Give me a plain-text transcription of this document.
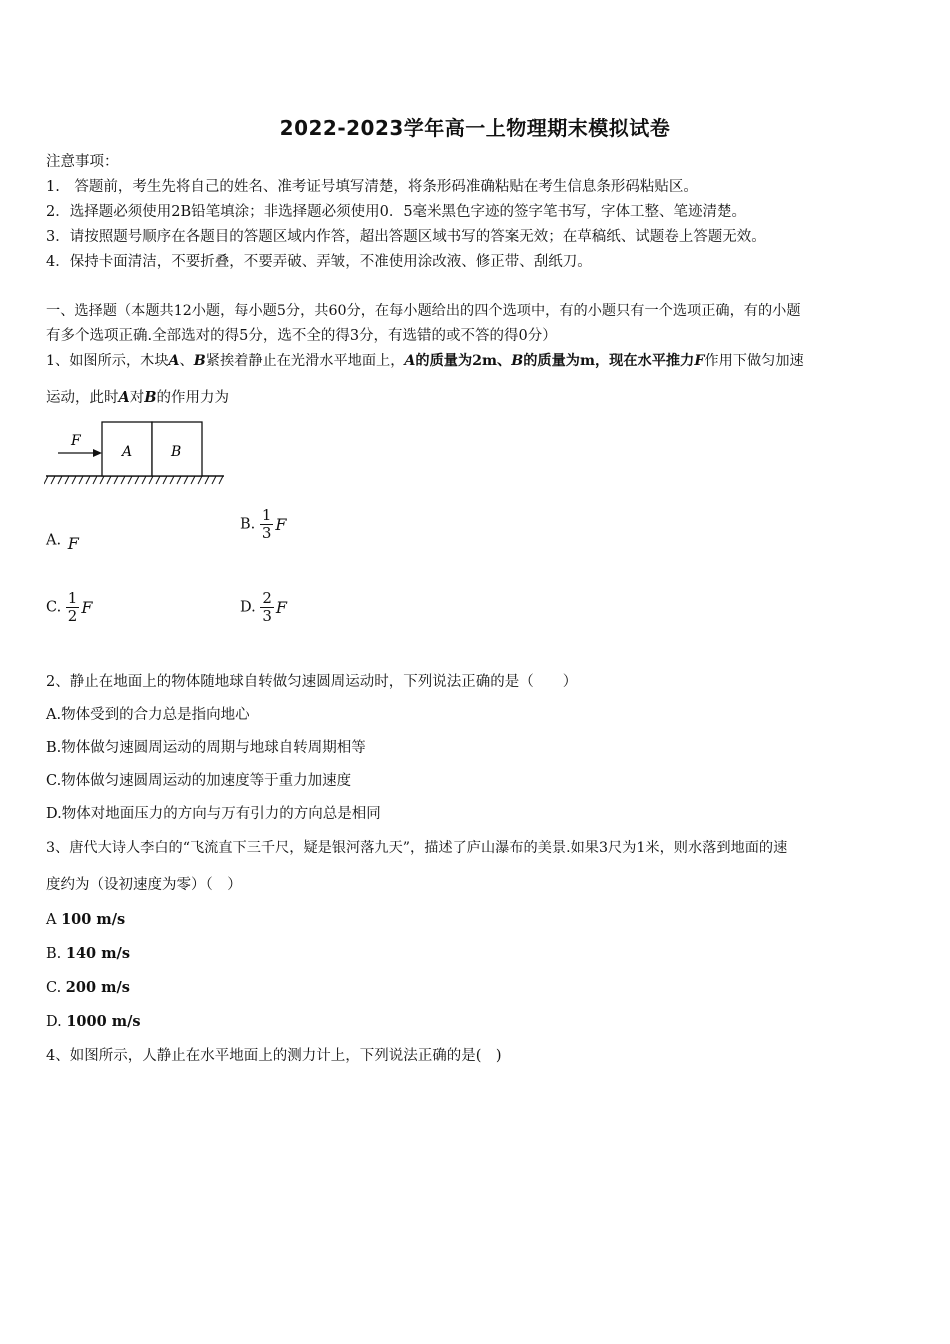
2022-2023学年高一上物理期末模拟试卷
注意事项：
1.　答题前，考生先将自己的姓名、准考证号填写清楚，将条形码准确粘贴在考生信息条形码粘贴区。
2．选择题必须使用2B铅笔填涂；非选择题必须使用0．5毫米黑色字迹的签字笔书写，字体工整、笔迹清楚。
3．请按照题号顺序在各题目的答题区域内作答，超出答题区域书写的答案无效；在草稿纸、试题卷上答题无效。
4．保持卡面清洁，不要折叠，不要弄破、弄皱，不准使用涂改液、修正带、刮纸刀。
一、选择题（本题共12小题，每小题5分，共60分，在每小题给出的四个选项中，有的小题只有一个选项正确，有的小题
有多个选项正确.全部选对的得5分，选不全的得3分，有选错的或不答的得0分）
1、如图所示，木块A、B紧挨着静止在光滑水平地面上，A的质量为2m、B的质量为m，现在水平推力F作用下做匀加速
运动，此时A对B的作用力为
F
A	B
A. F
B. $\frac{1}{3}$ F
C. $\frac{1}{2}$ F	D. $\frac{2}{3}$ F
2、静止在地面上的物体随地球自转做匀速圆周运动时，下列说法正确的是（　　）
A.物体受到的合力总是指向地心
B.物体做匀速圆周运动的周期与地球自转周期相等
C.物体做匀速圆周运动的加速度等于重力加速度
D.物体对地面压力的方向与万有引力的方向总是相同
3、唐代大诗人李白的“飞流直下三千尺，疑是银河落九天”，描述了庐山瀑布的美景.如果3尺为1米，则水落到地面的速
度约为（设初速度为零）（　）
A 100 m/s
B. 140 m/s
C. 200 m/s
D. 1000 m/s
4、如图所示，人静止在水平地面上的测力计上，下列说法正确的是(　)
